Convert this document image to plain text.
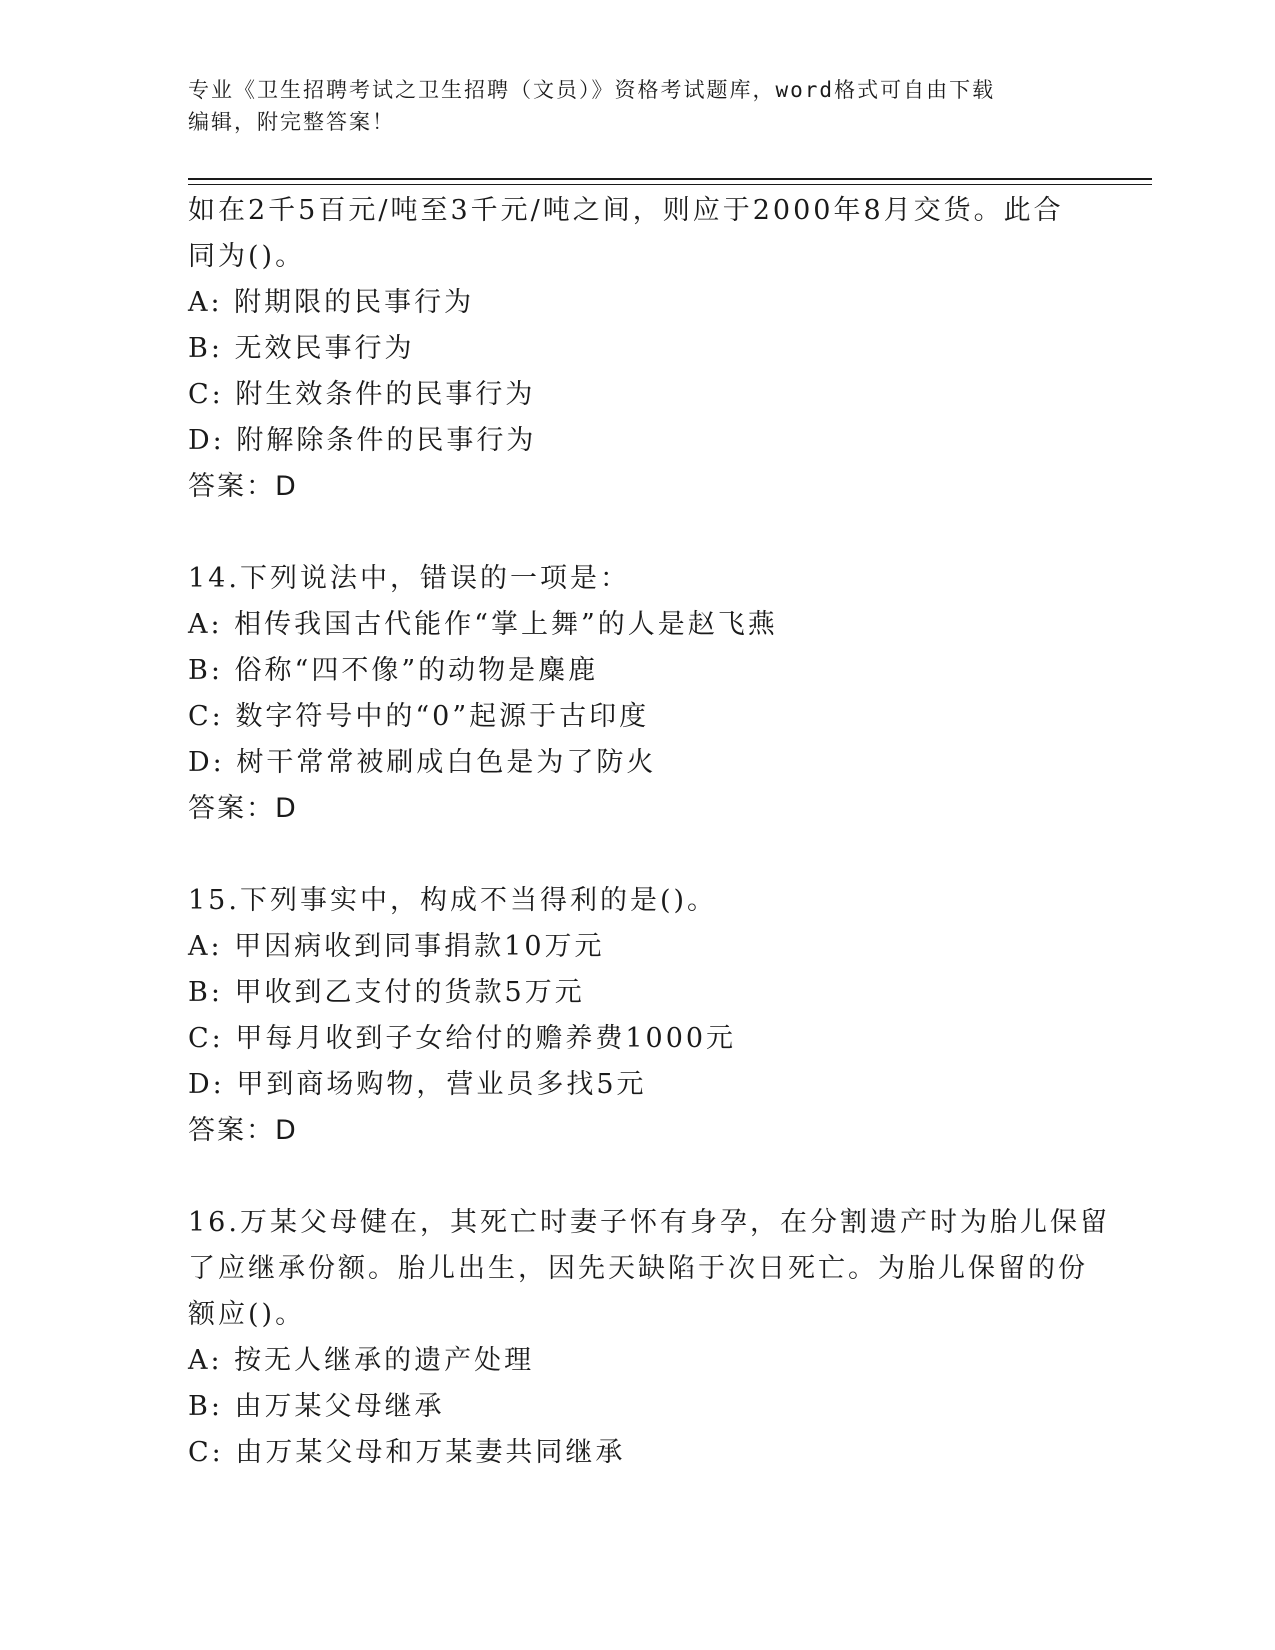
专业《卫生招聘考试之卫生招聘（文员）》资格考试题库，word格式可自由下载
编辑，附完整答案！
如在2千5百元/吨至3千元/吨之间，则应于2000年8月交货。此合
同为()。
A: 附期限的民事行为
B: 无效民事行为
C: 附生效条件的民事行为
D: 附解除条件的民事行为
答案：D
14.下列说法中，错误的一项是：
A: 相传我国古代能作“掌上舞”的人是赵飞燕
B: 俗称“四不像”的动物是麋鹿
C: 数字符号中的“0”起源于古印度
D: 树干常常被刷成白色是为了防火
答案：D
15.下列事实中，构成不当得利的是()。
A: 甲因病收到同事捐款10万元
B: 甲收到乙支付的货款5万元
C: 甲每月收到子女给付的赡养费1000元
D: 甲到商场购物，营业员多找5元
答案：D
16.万某父母健在，其死亡时妻子怀有身孕，在分割遗产时为胎儿保留
了应继承份额。胎儿出生，因先天缺陷于次日死亡。为胎儿保留的份
额应()。
A: 按无人继承的遗产处理
B: 由万某父母继承
C: 由万某父母和万某妻共同继承
